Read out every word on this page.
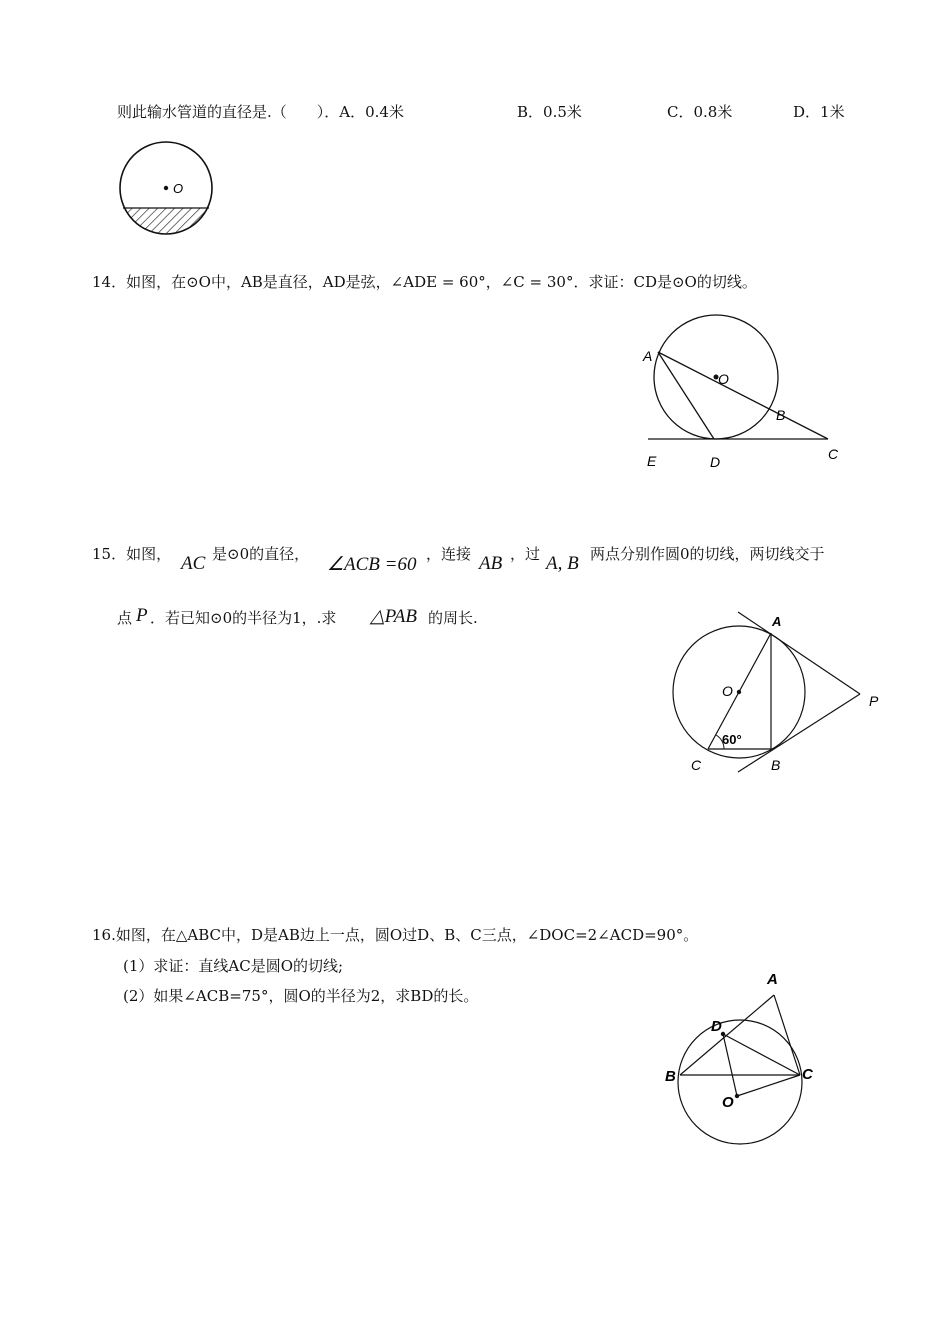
则此输水管道的直径是.（　　）．A．0.4米	B．0.5米	C．0.8米	D．1米
O
14．如图，在⊙O中，AB是直径，AD是弦，∠ADE = 60°，∠C = 30°．求证：CD是⊙O的切线。
A
O
B
C
D
E
15．如图， AC 是⊙0的直径， ∠ACB =60 ，连接 AB ，过 A, B 两点分别作圆0的切线，两切线交于
点 P ．若已知⊙0的半径为1，.求 △PAB 的周长.	A
O
P
C	B
60°
16.如图，在△ABC中，D是AB边上一点，圆O过D、B、C三点，∠DOC=2∠ACD=90°。
(1）求证：直线AC是圆O的切线;
(2）如果∠ACB=75°，圆O的半径为2，求BD的长。
A
D
B	C
O
